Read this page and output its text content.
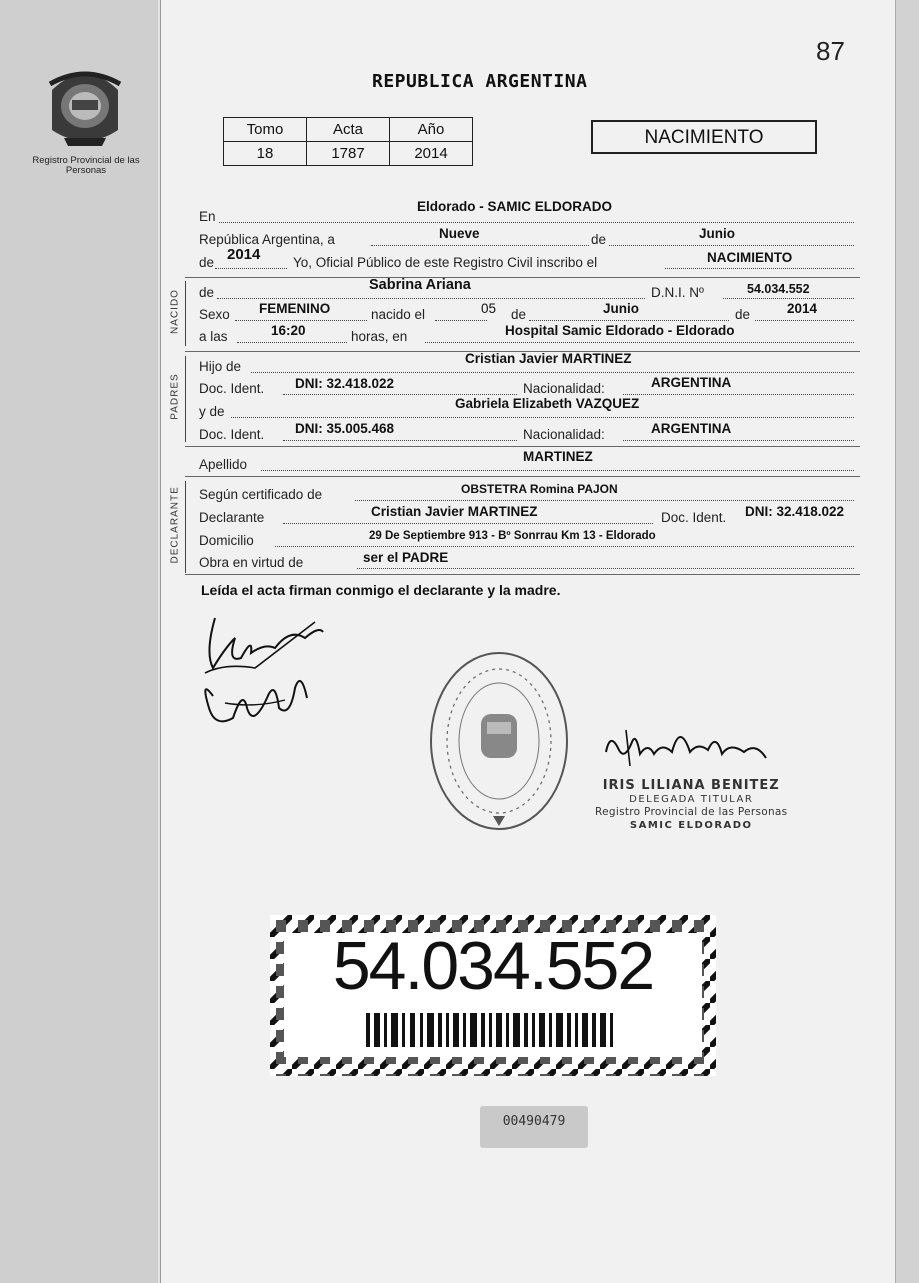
87
Registro Provincial de las Personas
REPUBLICA ARGENTINA
Tomo	Acta	Año
18	1787	2014
NACIMIENTO
En
Eldorado - SAMIC ELDORADO
República Argentina, a	Nueve	de	Junio
de 2014 Yo, Oficial Público de este Registro Civil inscribo el	NACIMIENTO
NACIDO de	Sabrina Ariana	D.N.I. Nº	54.034.552
Sexo FEMENINO	nacido el	05 de	Junio	de	2014
a las	16:20	horas, en	Hospital Samic Eldorado - Eldorado
PADRES
Hijo de
Cristian Javier MARTINEZ
Doc. Ident. DNI: 32.418.022	Nacionalidad:	ARGENTINA
y de
Gabriela Elizabeth VAZQUEZ
Doc. Ident. DNI: 35.005.468	Nacionalidad:	ARGENTINA
Apellido
MARTINEZ
DECLARANTE Según certificado de	OBSTETRA Romina PAJON
Declarante	Cristian Javier MARTINEZ	Doc. Ident. DNI: 32.418.022
Domicilio	29 De Septiembre 913 - Bº Sonrrau Km 13 - Eldorado
Obra en virtud de	ser el PADRE
Leída el acta firman conmigo el declarante y la madre.
IRIS LILIANA BENITEZ
DELEGADA TITULAR
Registro Provincial de las Personas
SAMIC ELDORADO
54.034.552
00490479
